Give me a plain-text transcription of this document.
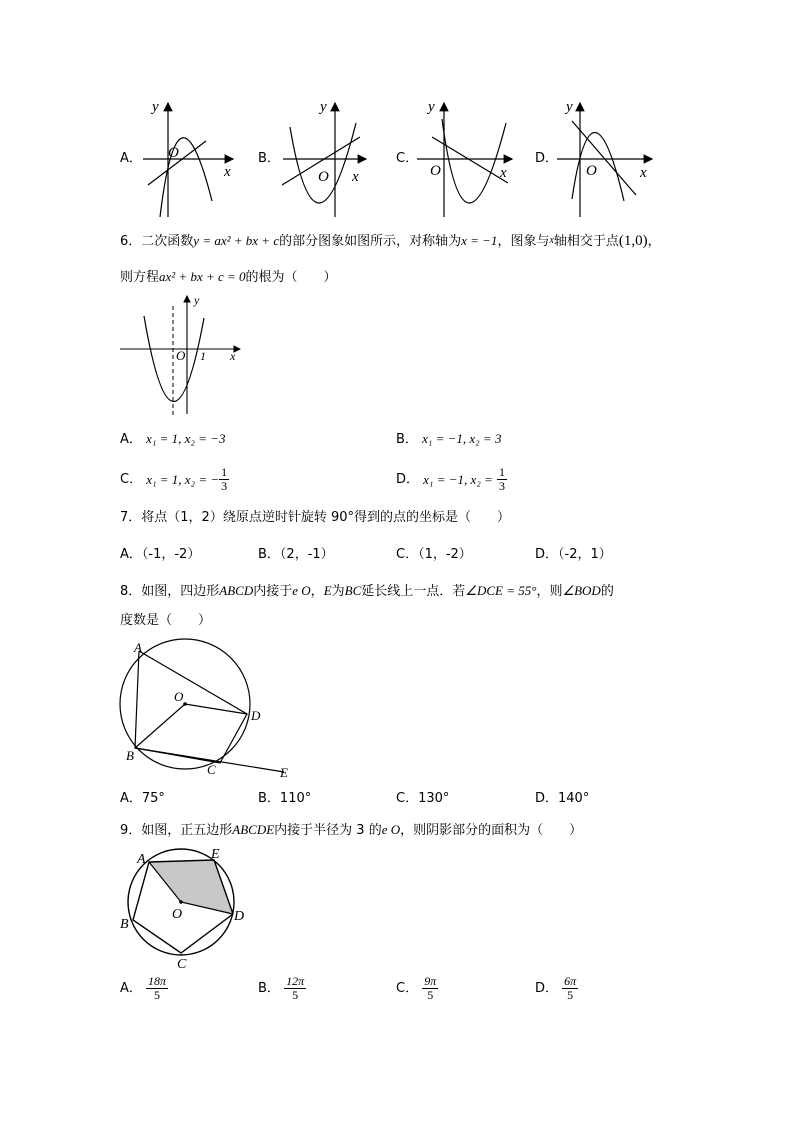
A．
y
x
O	B．
y
x
O
C．
y
x
O
D．
y
x
O
6．二次函数y = ax² + bx + c的部分图象如图所示，对称轴为x = −1，图象与x轴相交于点(1,0)，
则方程ax² + bx + c = 0的根为（　　）
y
x
O 1
A． x₁ = 1, x₂ = −3	B． x₁ = −1, x₂ = 3
C． x₁ = 1, x₂ = − $\frac{1}{3}$	D． x₁ = −1, $x_2 = \frac{1}{3}$
7．将点（1，2）绕原点逆时针旋转 90°得到的点的坐标是（　　）
A．（-1，-2）	B．（2，-1）	C．（1，-2）	D．（-2，1）
8．如图，四边形ABCD内接于e O，E为BC延长线上一点．若∠DCE = 55°，则∠BOD的
度数是（　　）
A
B
C
D
E
O
A．75°	B．110°	C．130°	D．140°
9．如图，正五边形ABCDE内接于半径为 3 的e O，则阴影部分的面积为（　　）
A
B
C
D
E
O
A． $\frac{18\pi}{5}$	B． $\frac{12\pi}{5}$	C． $\frac{9\pi}{5}$	D． $\frac{6\pi}{5}$
